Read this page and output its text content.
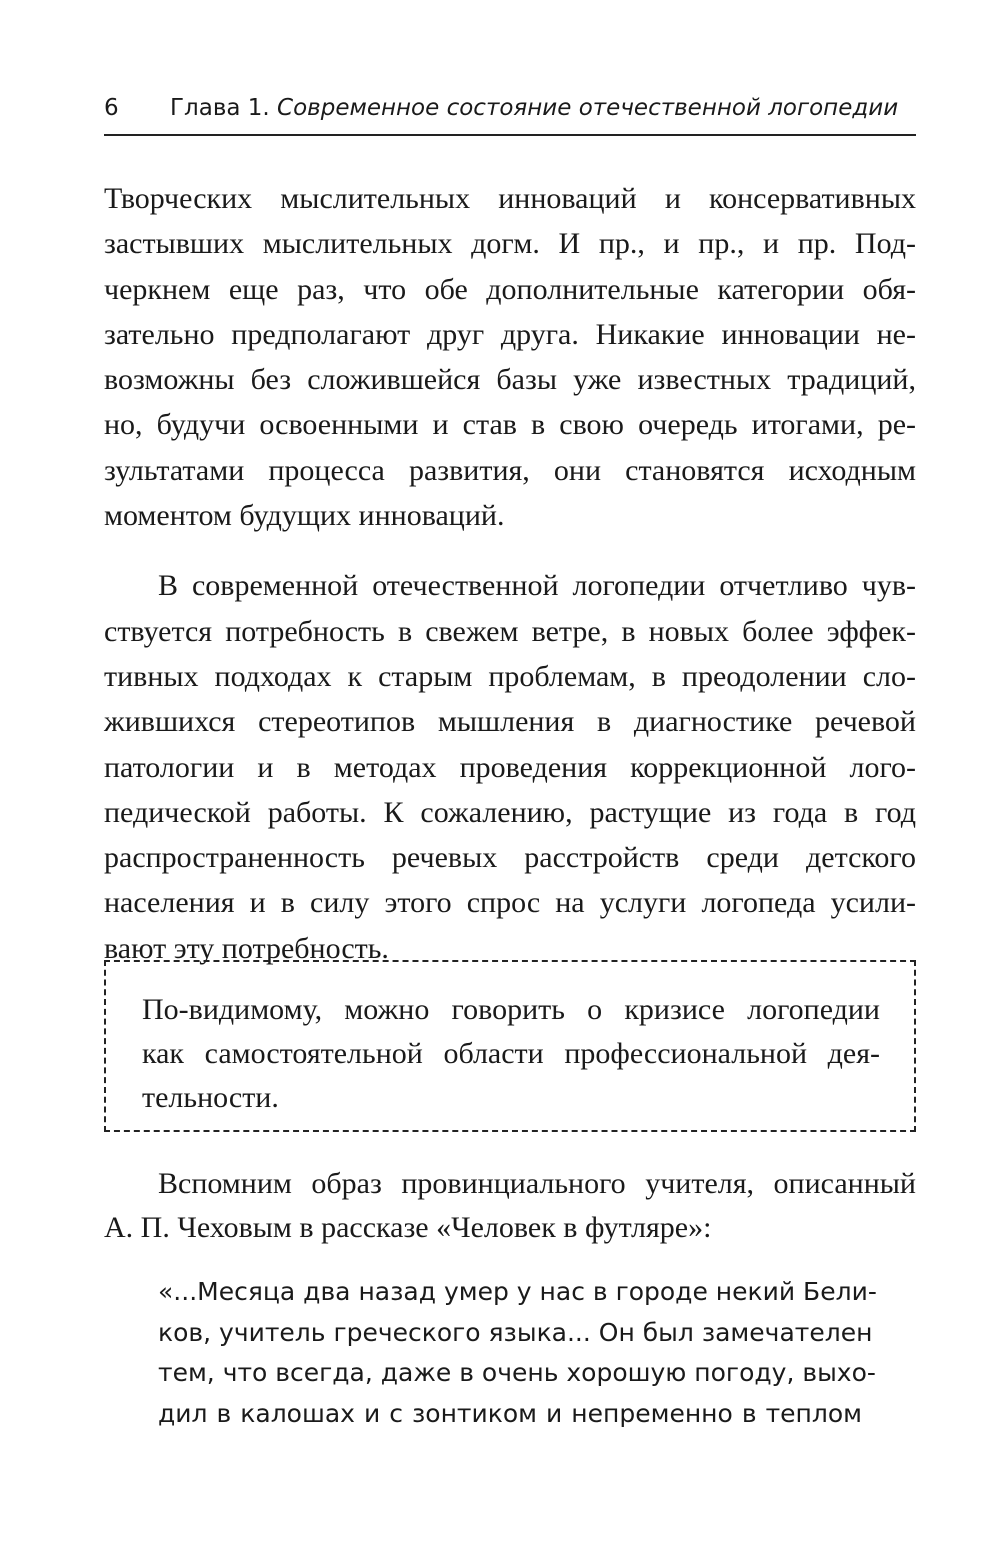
6 Глава 1. Современное состояние отечественной логопедии
Творческих мыслительных инноваций и консервативных
застывших мыслительных догм. И пр., и пр., и пр. Под-
черкнем еще раз, что обе дополнительные категории обя-
зательно предполагают друг друга. Никакие инновации не-
возможны без сложившейся базы уже известных традиций,
но, будучи освоенными и став в свою очередь итогами, ре-
зультатами процесса развития, они становятся исходным
моментом будущих инноваций.
В современной отечественной логопедии отчетливо чув-
ствуется потребность в свежем ветре, в новых более эффек-
тивных подходах к старым проблемам, в преодолении сло-
жившихся стереотипов мышления в диагностике речевой
патологии и в методах проведения коррекционной лого-
педической работы. К сожалению, растущие из года в год
распространенность речевых расстройств среди детского
населения и в силу этого спрос на услуги логопеда усили-
вают эту потребность.
По-видимому, можно говорить о кризисе логопедии
как самостоятельной области профессиональной дея-
тельности.
Вспомним образ провинциального учителя, описанный
А. П. Чеховым в рассказе «Человек в футляре»:
«...Месяца два назад умер у нас в городе некий Бели-
ков, учитель греческого языка... Он был замечателен
тем, что всегда, даже в очень хорошую погоду, выхо-
дил в калошах и с зонтиком и непременно в теплом
